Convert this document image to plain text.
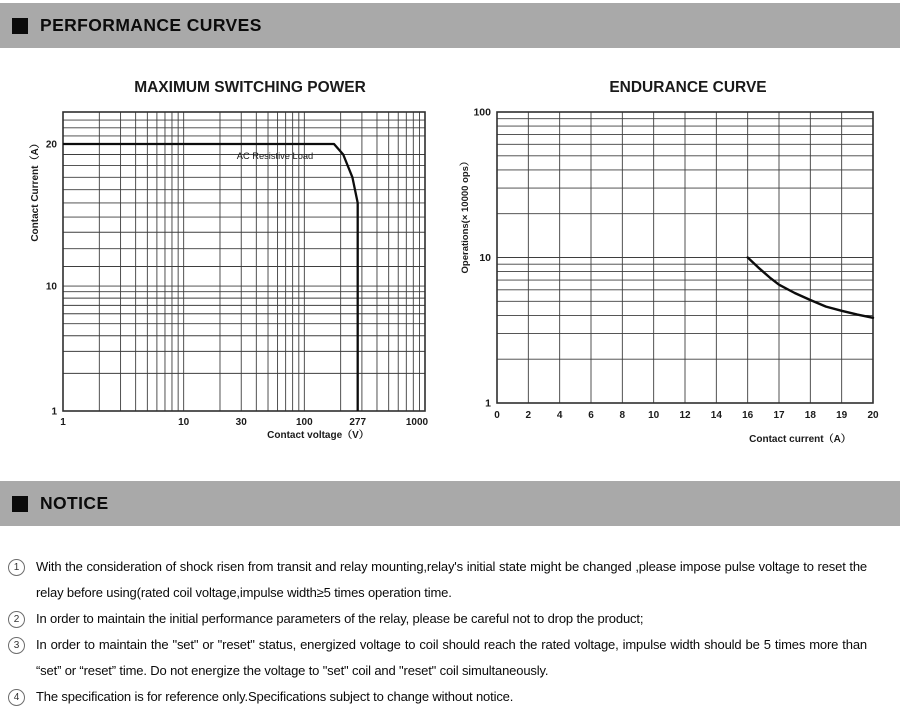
PERFORMANCE CURVES
MAXIMUM SWITCHING POWER
AC Resistive Load
Contact Current（A）
Contact voltage（V）
20
10
1
1	10	30	100	277	1000
ENDURANCE CURVE
Operations(× 10000 ops）
Contact current（A）
100
10
1
0	2	4	6	8 10 12 14 16 17 18 19 20
NOTICE
1	With the consideration of shock risen from transit and relay mounting,relay's initial state might be changed ,please impose pulse voltage to reset the relay before using(rated coil voltage,impulse width≥5 times operation time.
2	In order to maintain the initial performance parameters of the relay, please be careful not to drop the product;
3	In order to maintain the "set" or "reset" status, energized voltage to coil should reach the rated voltage, impulse width should be 5 times more than “set” or “reset” time. Do not energize the voltage to "set" coil and "reset" coil simultaneously.
4	The specification is for reference only.Specifications subject to change without notice.
